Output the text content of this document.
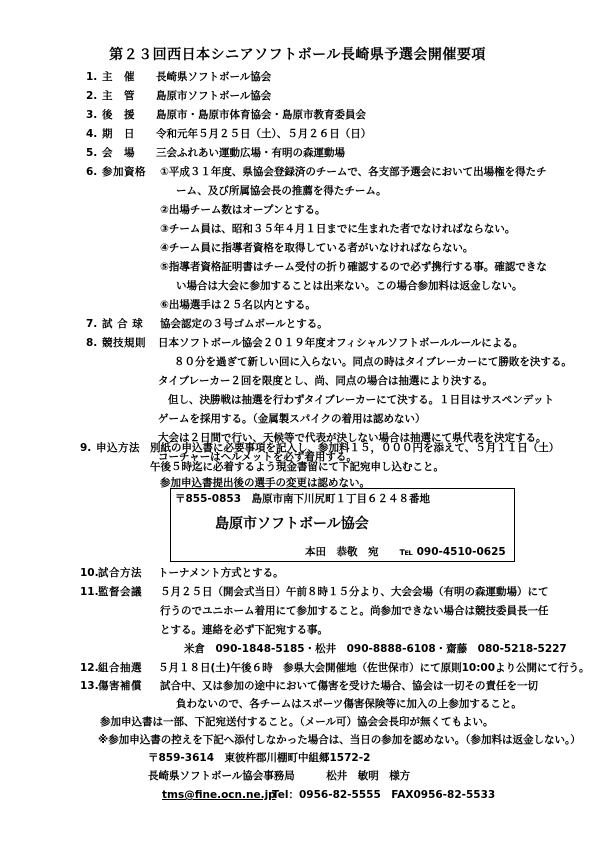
第２３回西日本シニアソフトボール長崎県予選会開催要項
1. 主　催 長崎県ソフトボール協会
2. 主　管 島原市ソフトボール協会
3. 後　援 島原市・島原市体育協会・島原市教育委員会
4. 期　日 令和元年５月２５日（土）、５月２６日（日）
5. 会　場 三会ふれあい運動広場・有明の森運動場
6. 参加資格 ①平成３１年度、県協会登録済のチームで、各支部予選会において出場権を得たチ
ーム、及び所属協会長の推薦を得たチーム。
②出場チーム数はオープンとする。
③チーム員は、昭和３５年４月１日までに生まれた者でなければならない。
④チーム員に指導者資格を取得している者がいなければならない。
⑤指導者資格証明書はチーム受付の折り確認するので必ず携行する事。確認できな
い場合は大会に参加することは出来ない。この場合参加料は返金しない。
⑥出場選手は２５名以内とする。
7. 試 合 球 協会認定の３号ゴムボールとする。
8. 競技規則 日本ソフトボール協会２０１９年度オフィシャルソフトボールルールによる。
８０分を過ぎて新しい回に入らない。同点の時はタイブレーカーにて勝敗を決する。
タイブレーカー２回を限度とし、尚、同点の場合は抽選により決する。
但し、決勝戦は抽選を行わずタイブレーカーにて決する。１日目はサスペンデット
ゲームを採用する。（金属製スパイクの着用は認めない）
大会は２日間で行い、天候等で代表が決しない場合は抽選にて県代表を決定する。
コーチャーはヘルメットを必ず着用する。
9. 申込方法 別紙の申込書に必要事項を記入し、参加料１５，０００円を添えて、５月１１日（土）
午後５時迄に必着するよう現金書留にて下記宛申し込むこと。
参加申込書提出後の選手の変更は認めない。
〒855-0853　島原市南下川尻町１丁目６２４８番地
島原市ソフトボール協会
本田　恭敬　宛　　℡ 090-4510-0625
10. 試合方法 トーナメント方式とする。
11. 監督会議 ５月２５日（開会式当日）午前８時１５分より、大会会場（有明の森運動場）にて
行うのでユニホーム着用にて参加すること。尚参加できない場合は競技委員長一任
とする。連絡を必ず下記宛する事。
米倉　090-1848-5185・松井　090-8888-6108・齋藤　080-5218-5227
12. 組合抽選 ５月１８日(土)午後６時　参県大会開催地（佐世保市）にて原則10:00より公開にて行う。
13. 傷害補償 試合中、又は参加の途中において傷害を受けた場合、協会は一切その責任を一切
負わないので、各チームはスポーツ傷害保険等に加入の上参加すること。
参加申込書は一部、下記宛送付すること。（メール可）協会会長印が無くてもよい。
※参加申込書の控えを下記へ添付しなかった場合は、当日の参加を認めない。（参加料は返金しない。）
〒859-3614　東彼杵郡川棚町中組郷1572-2
長崎県ソフトボール協会事務局　　　松井　敏明　様方
tms@fine.ocn.ne.jp
Tel：0956-82-5555　FAX0956-82-5533
